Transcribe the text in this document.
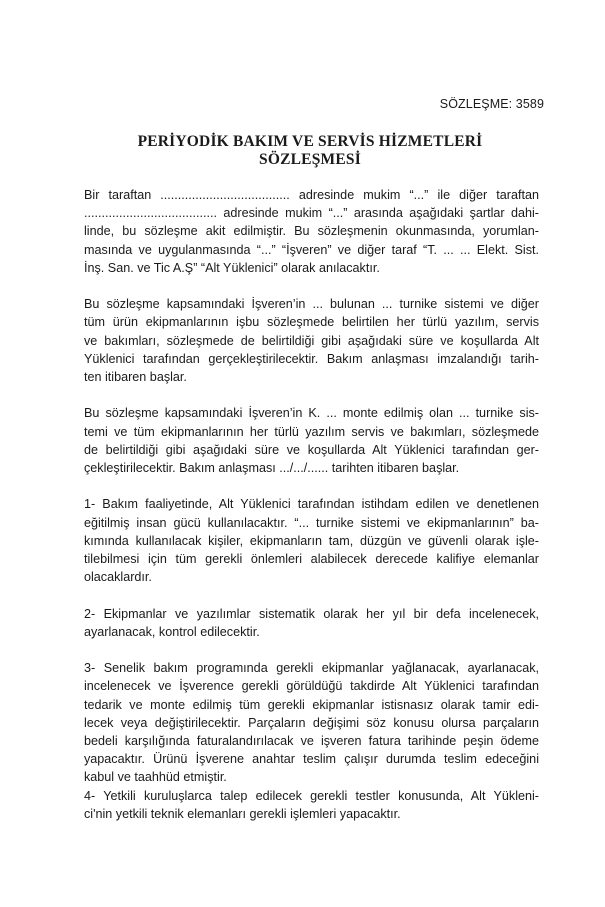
SÖZLEŞME: 3589
PERİYODİK BAKIM VE SERVİS HİZMETLERİ
SÖZLEŞMESİ
Bir taraftan ..................................... adresinde mukim “...” ile diğer taraftan
...................................... adresinde mukim “...” arasında aşağıdaki şartlar dahi-
linde, bu sözleşme akit edilmiştir. Bu sözleşmenin okunmasında, yorumlan-
masında ve uygulanmasında “...” “İşveren” ve diğer taraf “T. ... ... Elekt. Sist.
İnş. San. ve Tic A.Ş” “Alt Yüklenici” olarak anılacaktır.
Bu sözleşme kapsamındaki İşveren’in ... bulunan ... turnike sistemi ve diğer
tüm ürün ekipmanlarının işbu sözleşmede belirtilen her türlü yazılım, servis
ve bakımları, sözleşmede de belirtildiği gibi aşağıdaki süre ve koşullarda Alt
Yüklenici tarafından gerçekleştirilecektir. Bakım anlaşması imzalandığı tarih-
ten itibaren başlar.
Bu sözleşme kapsamındaki İşveren’in K. ... monte edilmiş olan ... turnike sis-
temi ve tüm ekipmanlarının her türlü yazılım servis ve bakımları, sözleşmede
de belirtildiği gibi aşağıdaki süre ve koşullarda Alt Yüklenici tarafından ger-
çekleştirilecektir. Bakım anlaşması .../.../...... tarihten itibaren başlar.
1- Bakım faaliyetinde, Alt Yüklenici tarafından istihdam edilen ve denetlenen
eğitilmiş insan gücü kullanılacaktır. “... turnike sistemi ve ekipmanlarının” ba-
kımında kullanılacak kişiler, ekipmanların tam, düzgün ve güvenli olarak işle-
tilebilmesi için tüm gerekli önlemleri alabilecek derecede kalifiye elemanlar
olacaklardır.
2- Ekipmanlar ve yazılımlar sistematik olarak her yıl bir defa incelenecek,
ayarlanacak, kontrol edilecektir.
3- Senelik bakım programında gerekli ekipmanlar yağlanacak, ayarlanacak,
incelenecek ve İşverence gerekli görüldüğü takdirde Alt Yüklenici tarafından
tedarik ve monte edilmiş tüm gerekli ekipmanlar istisnasız olarak tamir edi-
lecek veya değiştirilecektir. Parçaların değişimi söz konusu olursa parçaların
bedeli karşılığında faturalandırılacak ve işveren fatura tarihinde peşin ödeme
yapacaktır. Ürünü İşverene anahtar teslim çalışır durumda teslim edeceğini
kabul ve taahhüd etmiştir.
4- Yetkili kuruluşlarca talep edilecek gerekli testler konusunda, Alt Yükleni-
ci'nin yetkili teknik elemanları gerekli işlemleri yapacaktır.
